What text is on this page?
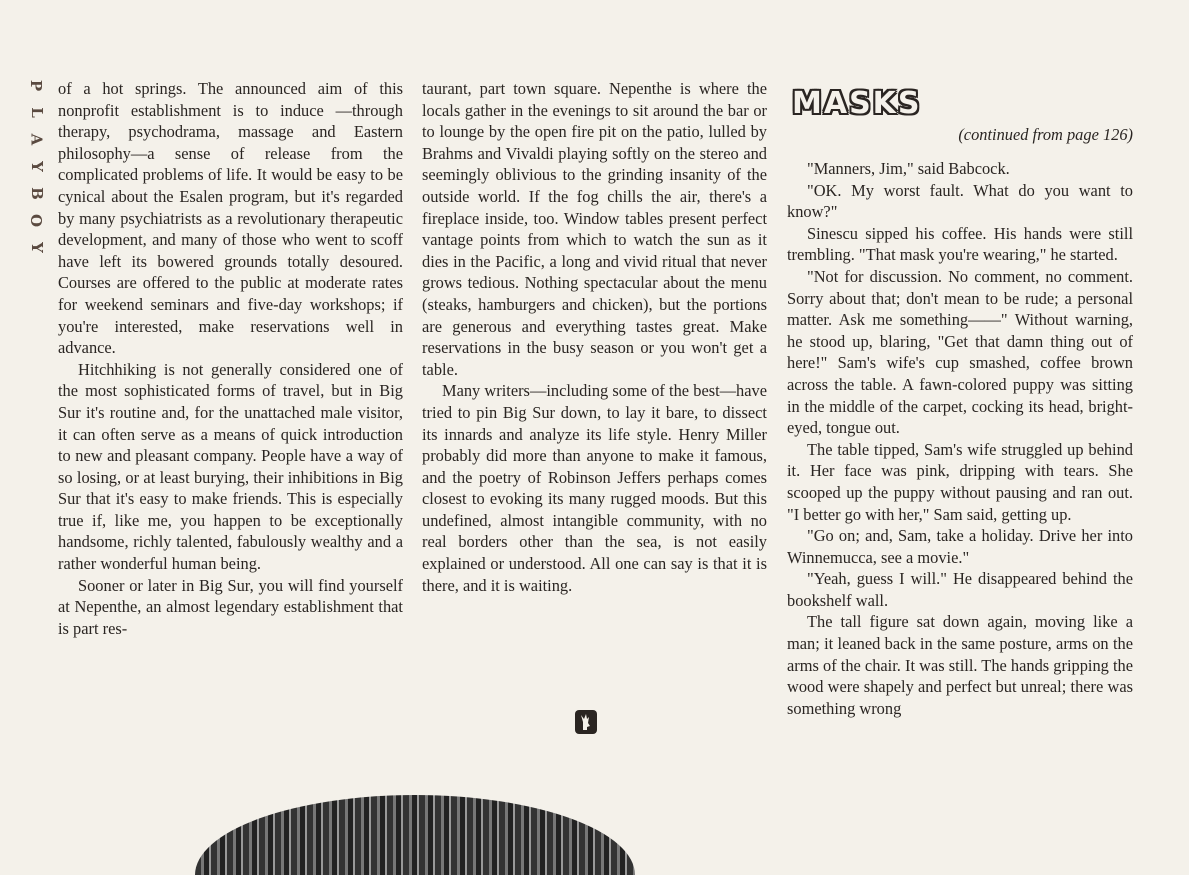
P
L
A
Y
B
O
Y

of a hot springs. The announced aim of this nonprofit establishment is to induce —through therapy, psychodrama, massage and Eastern philosophy—a sense of release from the complicated problems of life. It would be easy to be cynical about the Esalen program, but it's regarded by many psychiatrists as a revolutionary therapeutic development, and many of those who went to scoff have left its bowered grounds totally desoured. Courses are offered to the public at moderate rates for weekend seminars and five-day workshops; if you're interested, make reservations well in advance.

Hitchhiking is not generally considered one of the most sophisticated forms of travel, but in Big Sur it's routine and, for the unattached male visitor, it can often serve as a means of quick introduction to new and pleasant company. People have a way of so losing, or at least burying, their inhibitions in Big Sur that it's easy to make friends. This is especially true if, like me, you happen to be exceptionally handsome, richly talented, fabulously wealthy and a rather wonderful human being.

Sooner or later in Big Sur, you will find yourself at Nepenthe, an almost legendary establishment that is part res-

taurant, part town square. Nepenthe is where the locals gather in the evenings to sit around the bar or to lounge by the open fire pit on the patio, lulled by Brahms and Vivaldi playing softly on the stereo and seemingly oblivious to the grinding insanity of the outside world. If the fog chills the air, there's a fireplace inside, too. Window tables present perfect vantage points from which to watch the sun as it dies in the Pacific, a long and vivid ritual that never grows tedious. Nothing spectacular about the menu (steaks, hamburgers and chicken), but the portions are generous and everything tastes great. Make reservations in the busy season or you won't get a table.

Many writers—including some of the best—have tried to pin Big Sur down, to lay it bare, to dissect its innards and analyze its life style. Henry Miller probably did more than anyone to make it famous, and the poetry of Robinson Jeffers perhaps comes closest to evoking its many rugged moods. But this undefined, almost intangible community, with no real borders other than the sea, is not easily explained or understood. All one can say is that it is there, and it is waiting.

MASKS
(continued from page 126)

"Manners, Jim," said Babcock.

"OK. My worst fault. What do you want to know?"

Sinescu sipped his coffee. His hands were still trembling. "That mask you're wearing," he started.

"Not for discussion. No comment, no comment. Sorry about that; don't mean to be rude; a personal matter. Ask me something——" Without warning, he stood up, blaring, "Get that damn thing out of here!" Sam's wife's cup smashed, coffee brown across the table. A fawn-colored puppy was sitting in the middle of the carpet, cocking its head, bright-eyed, tongue out.

The table tipped, Sam's wife struggled up behind it. Her face was pink, dripping with tears. She scooped up the puppy without pausing and ran out. "I better go with her," Sam said, getting up.

"Go on; and, Sam, take a holiday. Drive her into Winnemucca, see a movie."

"Yeah, guess I will." He disappeared behind the bookshelf wall.

The tall figure sat down again, moving like a man; it leaned back in the same posture, arms on the arms of the chair. It was still. The hands gripping the wood were shapely and perfect but unreal; there was something wrong
